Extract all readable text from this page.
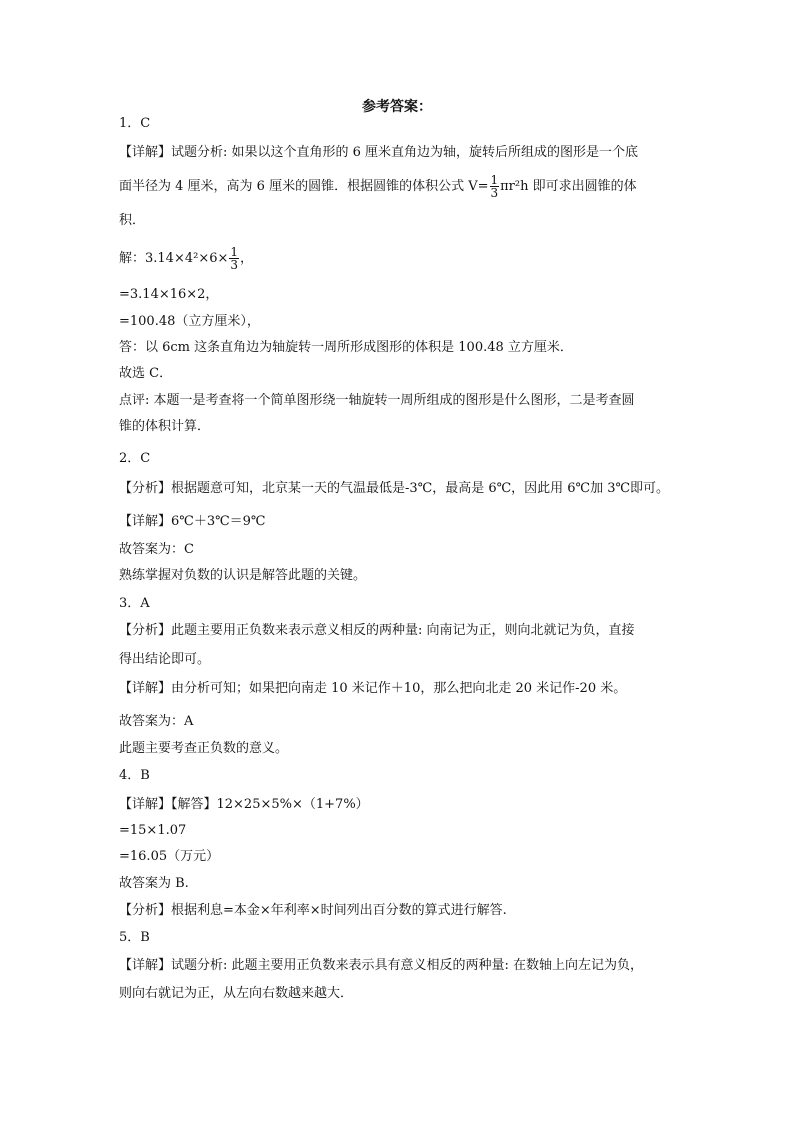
参考答案：
1．C
【详解】试题分析: 如果以这个直角形的 6 厘米直角边为轴，旋转后所组成的图形是一个底
面半径为 4 厘米，高为 6 厘米的圆锥．根据圆锥的体积公式 $V= \frac{1}{3} \pi r^2h$ 即可求出圆锥的体
积．
解：$3.14\times 4^2\times 6\times \frac{1}{3}$ ，
=3.14×16×2，
=100.48（立方厘米），
答：以 6cm 这条直角边为轴旋转一周所形成图形的体积是 100.48 立方厘米．
故选 C．
点评: 本题一是考查将一个简单图形绕一轴旋转一周所组成的图形是什么图形，二是考查圆
锥的体积计算．
2．C
【分析】根据题意可知，北京某一天的气温最低是-3℃，最高是 6℃，因此用 6℃加 3℃即可。
【详解】6℃＋3℃＝9℃
故答案为：C
熟练掌握对负数的认识是解答此题的关键。
3．A
【分析】此题主要用正负数来表示意义相反的两种量: 向南记为正，则向北就记为负，直接
得出结论即可。
【详解】由分析可知；如果把向南走 10 米记作＋10，那么把向北走 20 米记作-20 米。
故答案为：A
此题主要考查正负数的意义。
4．B
【详解】【解答】12×25×5%×（1+7%）
=15×1.07
=16.05（万元）
故答案为 B.
【分析】根据利息=本金×年利率×时间列出百分数的算式进行解答.
5．B
【详解】试题分析: 此题主要用正负数来表示具有意义相反的两种量: 在数轴上向左记为负，
则向右就记为正，从左向右数越来越大．
